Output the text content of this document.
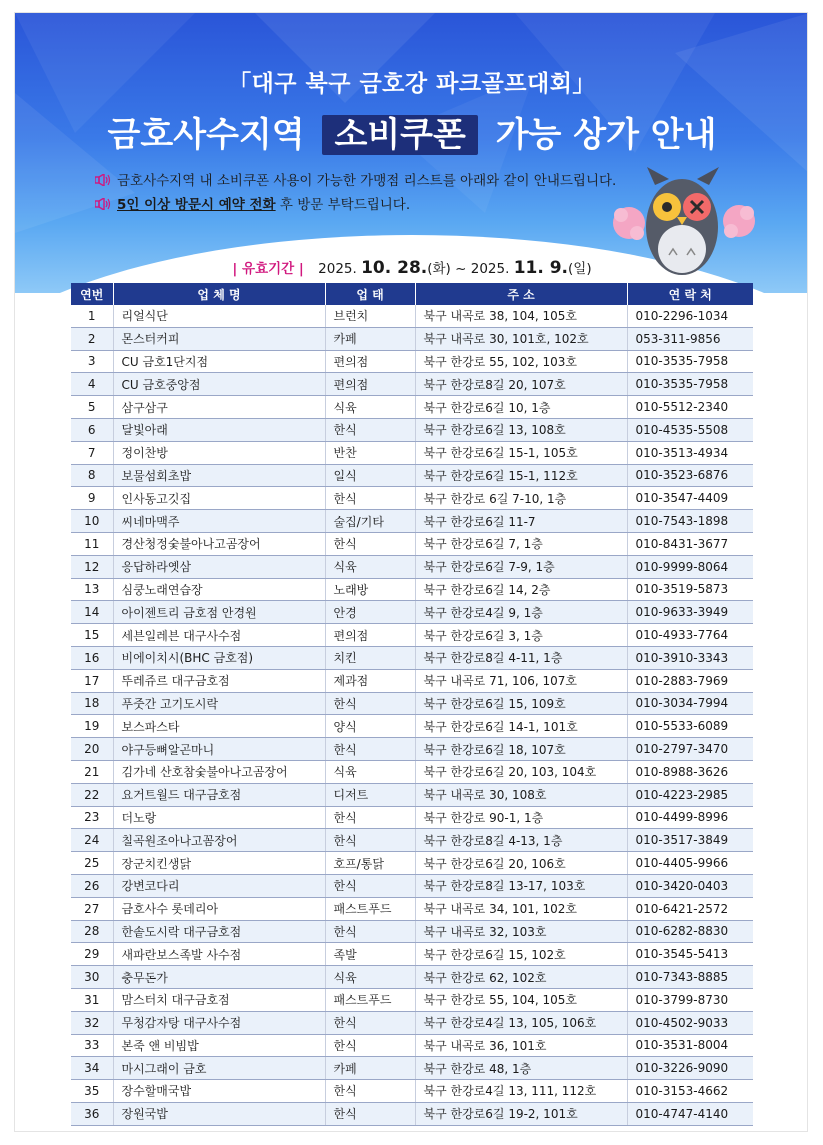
「대구 북구 금호강 파크골프대회」
금호사수지역 소비쿠폰 가능 상가 안내
금호사수지역 내 소비쿠폰 사용이 가능한 가맹점 리스트를 아래와 같이 안내드립니다.
5인 이상 방문시 예약 전화 후 방문 부탁드립니다.
| 유효기간 | 2025. 10. 28.(화) ~ 2025. 11. 9.(일)
연번	업 체 명	업 태	주 소	연 락 처
1	리얼식단	브런치	북구 내곡로 38, 104, 105호	010-2296-1034
2	몬스터커피	카페	북구 내곡로 30, 101호, 102호	053-311-9856
3	CU 금호1단지점	편의점	북구 한강로 55, 102, 103호	010-3535-7958
4	CU 금호중앙점	편의점	북구 한강로8길 20, 107호	010-3535-7958
5	삼구삼구	식육	북구 한강로6길 10, 1층	010-5512-2340
6	달빛아래	한식	북구 한강로6길 13, 108호	010-4535-5508
7	정이찬방	반찬	북구 한강로6길 15-1, 105호	010-3513-4934
8	보물섬회초밥	일식	북구 한강로6길 15-1, 112호	010-3523-6876
9	인사동고깃집	한식	북구 한강로 6길 7-10, 1층	010-3547-4409
10	씨네마맥주	술집/기타	북구 한강로6길 11-7	010-7543-1898
11	경산청정숯불아나고곰장어	한식	북구 한강로6길 7, 1층	010-8431-3677
12	응답하라옛삼	식육	북구 한강로6길 7-9, 1층	010-9999-8064
13	심쿵노래연습장	노래방	북구 한강로6길 14, 2층	010-3519-5873
14	아이젠트리 금호점 안경원	안경	북구 한강로4길 9, 1층	010-9633-3949
15	세븐일레븐 대구사수점	편의점	북구 한강로6길 3, 1층	010-4933-7764
16	비에이치시(BHC 금호점)	치킨	북구 한강로8길 4-11, 1층	010-3910-3343
17	뚜레쥬르 대구금호점	제과점	북구 내곡로 71, 106, 107호	010-2883-7969
18	푸줏간 고기도시락	한식	북구 한강로6길 15, 109호	010-3034-7994
19	보스파스타	양식	북구 한강로6길 14-1, 101호	010-5533-6089
20	야구등뼈알곤마니	한식	북구 한강로6길 18, 107호	010-2797-3470
21	김가네 산호참숯불아나고곰장어	식육	북구 한강로6길 20, 103, 104호	010-8988-3626
22	요거트월드 대구금호점	디저트	북구 내곡로 30, 108호	010-4223-2985
23	더노랑	한식	북구 한강로 90-1, 1층	010-4499-8996
24	칠곡원조아나고꼼장어	한식	북구 한강로8길 4-13, 1층	010-3517-3849
25	장군치킨생닭	호프/통닭	북구 한강로6길 20, 106호	010-4405-9966
26	강변코다리	한식	북구 한강로8길 13-17, 103호	010-3420-0403
27	금호사수 롯데리아	패스트푸드	북구 내곡로 34, 101, 102호	010-6421-2572
28	한솥도시락 대구금호점	한식	북구 내곡로 32, 103호	010-6282-8830
29	새파란보스족발 사수점	족발	북구 한강로6길 15, 102호	010-3545-5413
30	충무돈가	식육	북구 한강로 62, 102호	010-7343-8885
31	맘스터치 대구금호점	패스트푸드	북구 한강로 55, 104, 105호	010-3799-8730
32	무청감자탕 대구사수점	한식	북구 한강로4길 13, 105, 106호	010-4502-9033
33	본죽 앤 비빔밥	한식	북구 내곡로 36, 101호	010-3531-8004
34	마시그래이 금호	카페	북구 한강로 48, 1층	010-3226-9090
35	장수할매국밥	한식	북구 한강로4길 13, 111, 112호	010-3153-4662
36	장원국밥	한식	북구 한강로6길 19-2, 101호	010-4747-4140
